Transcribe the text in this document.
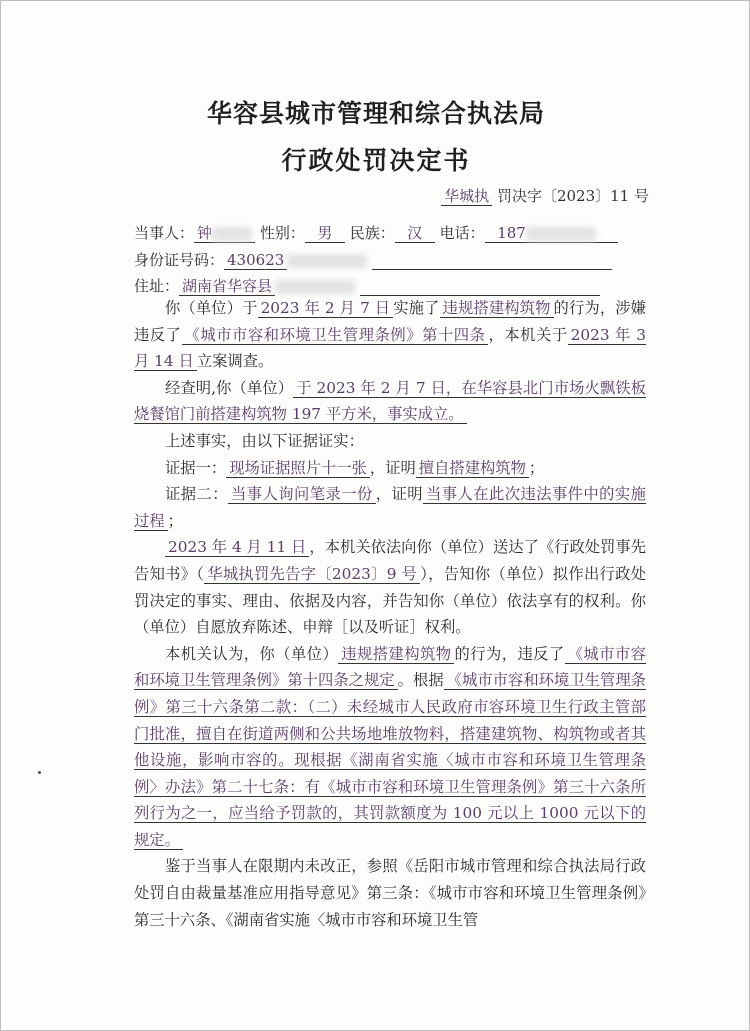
华容县城市管理和综合执法局
行政处罚决定书
华城执 罚决字〔2023〕11 号
当事人： 钟	性别： 男 民族： 汉 电话： 187
身份证号码： 430623
住址： 湖南省华容县

你（单位）于 2023 年 2 月 7 日 实施了 违规搭建构筑物 的行为，涉嫌违反了 《城市市容和环境卫生管理条例》第十四条 ，本机关于 2023 年 3 月 14 日 立案调查。

经查明,你（单位） 于 2023 年 2 月 7 日，在华容县北门市场火飘铁板烧餐馆门前搭建构筑物 197 平方米，事实成立。

上述事实，由以下证据证实：

证据一： 现场证据照片十一张 ，证明 擅自搭建构筑物 ；

证据二： 当事人询问笔录一份 ，证明 当事人在此次违法事件中的实施过程 ；

2023 年 4 月 11 日 ，本机关依法向你（单位）送达了《行政处罚事先告知书》（ 华城执罚先告字〔2023〕9 号 ），告知你（单位）拟作出行政处罚决定的事实、理由、依据及内容，并告知你（单位）依法享有的权利。你（单位）自愿放弃陈述、申辩［以及听证］权利。

本机关认为，你（单位） 违规搭建构筑物 的行为，违反了 《城市市容和环境卫生管理条例》第十四条之规定 。根据 《城市市容和环境卫生管理条例》第三十六条第二款：（二）未经城市人民政府市容环境卫生行政主管部门批准，擅自在街道两侧和公共场地堆放物料，搭建建筑物、构筑物或者其他设施，影响市容的。现根据《湖南省实施〈城市市容和环境卫生管理条例〉办法》第二十七条：有《城市市容和环境卫生管理条例》第三十六条所列行为之一，应当给予罚款的，其罚款额度为 100 元以上 1000 元以下的规定。

鉴于当事人在限期内未改正，参照《岳阳市城市管理和综合执法局行政处罚自由裁量基准应用指导意见》第三条：《城市市容和环境卫生管理条例》第三十六条、《湖南省实施〈城市市容和环境卫生管
